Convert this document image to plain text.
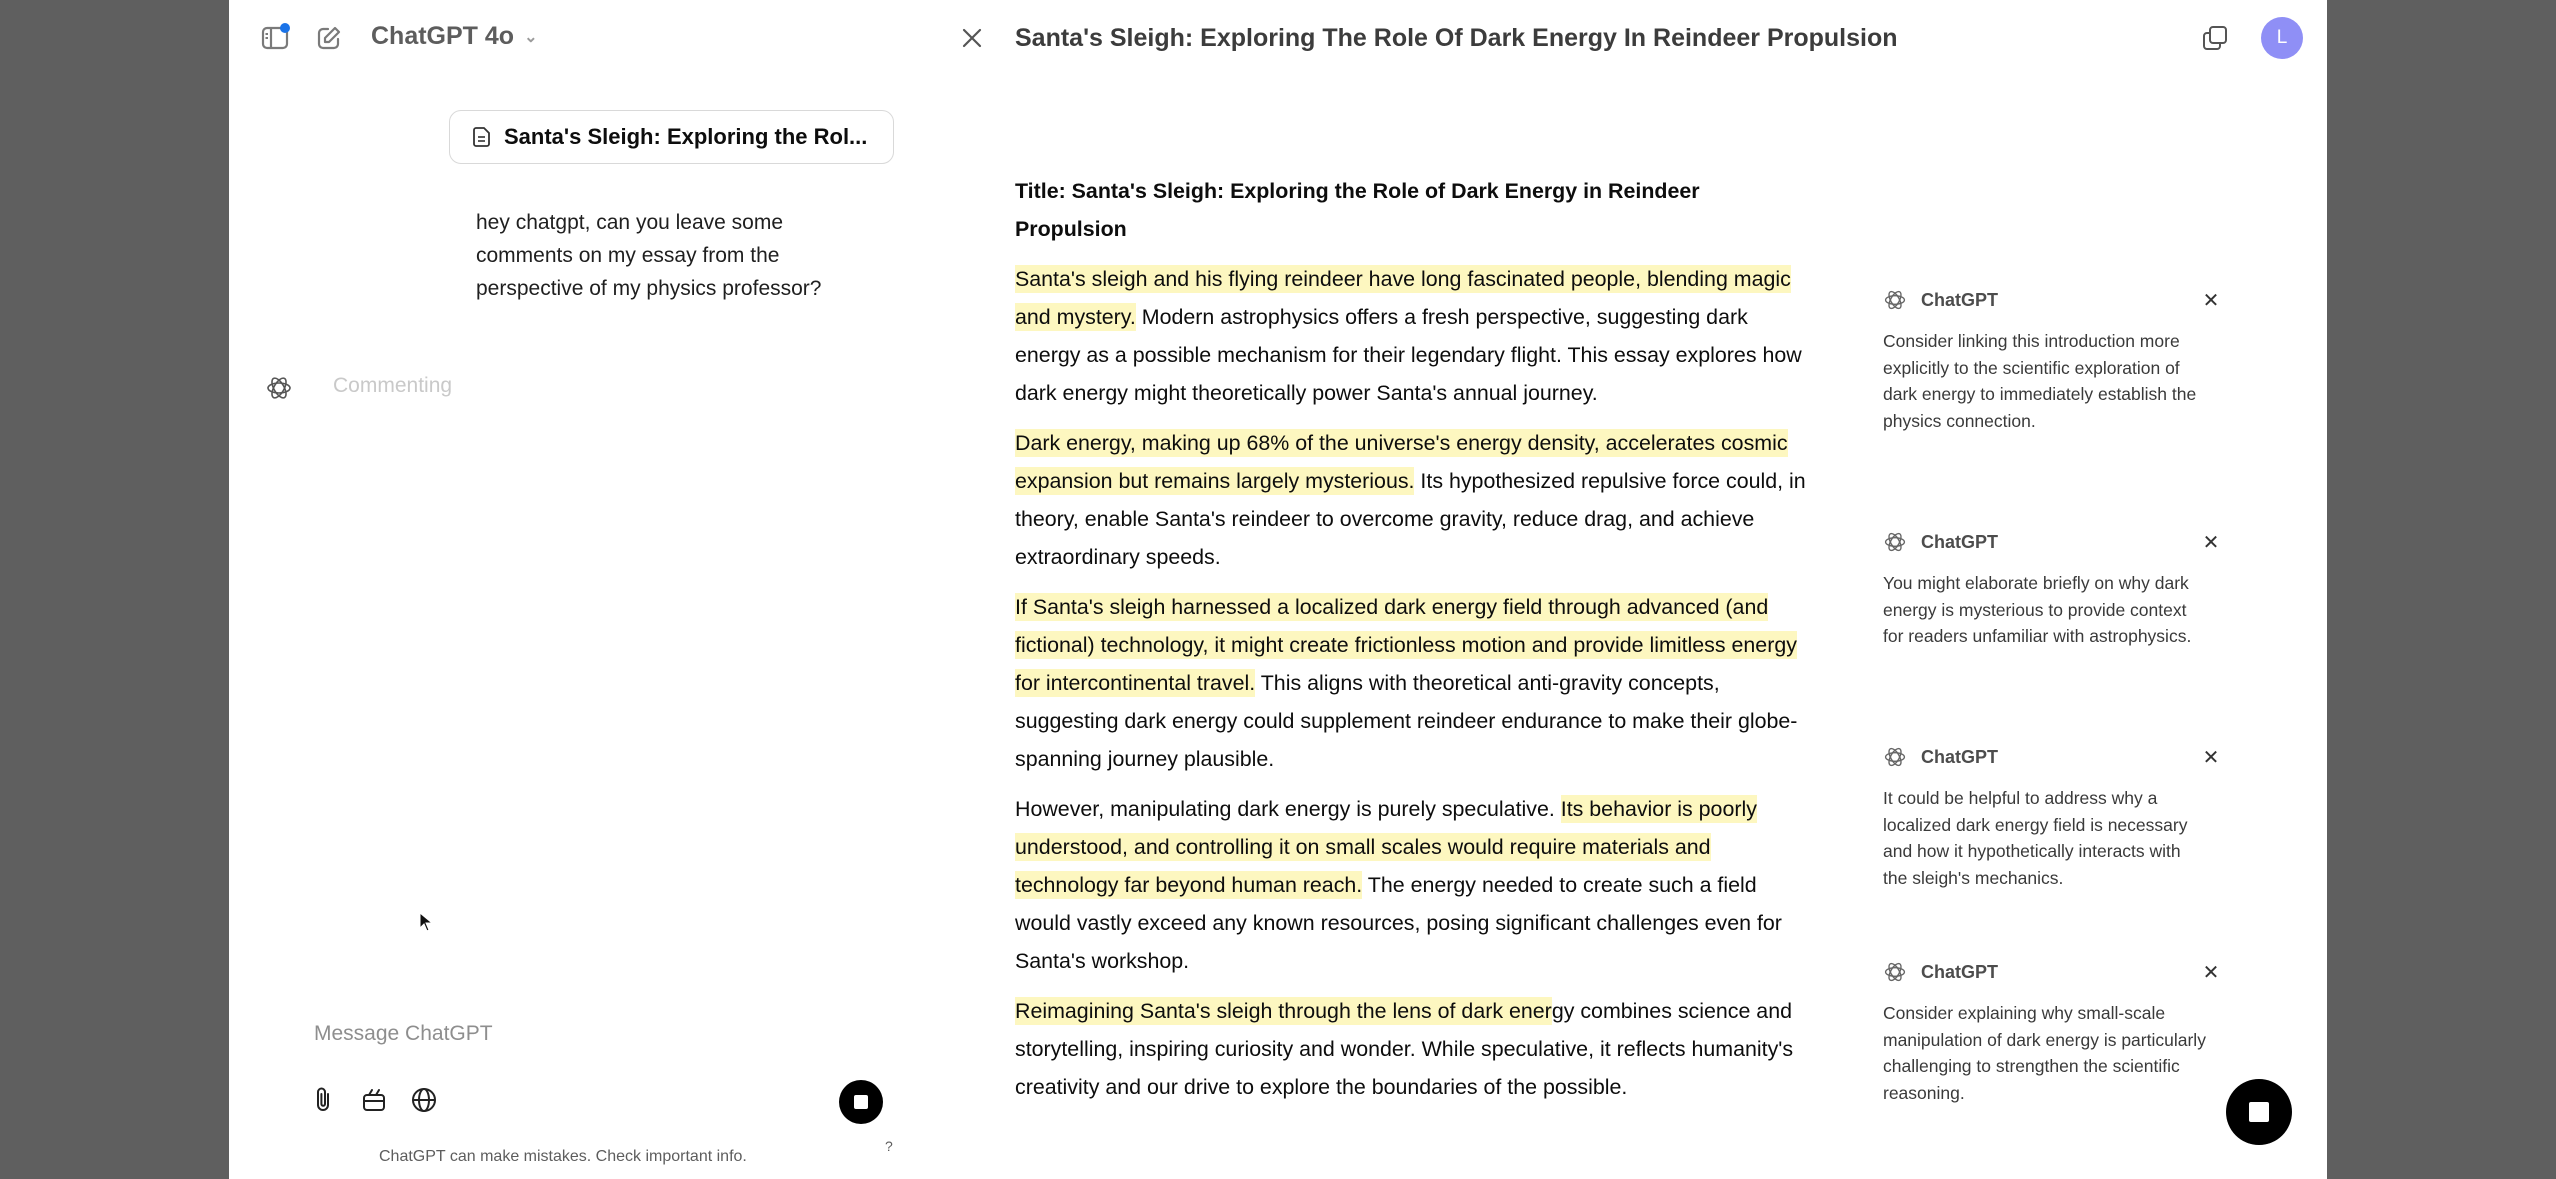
ChatGPT 4o ⌄
Santa's Sleigh: Exploring the Rol...
hey chatgpt, can you leave some comments on my essay from the perspective of my physics professor?
Commenting
Message ChatGPT
ChatGPT can make mistakes. Check important info.
?
Santa's Sleigh: Exploring The Role Of Dark Energy In Reindeer Propulsion	L

Title: Santa's Sleigh: Exploring the Role of Dark Energy in Reindeer Propulsion

Santa's sleigh and his flying reindeer have long fascinated people, blending magic and mystery. Modern astrophysics offers a fresh perspective, suggesting dark energy as a possible mechanism for their legendary flight. This essay explores how dark energy might theoretically power Santa's annual journey.

Dark energy, making up 68% of the universe's energy density, accelerates cosmic expansion but remains largely mysterious. Its hypothesized repulsive force could, in theory, enable Santa's reindeer to overcome gravity, reduce drag, and achieve extraordinary speeds.

If Santa's sleigh harnessed a localized dark energy field through advanced (and fictional) technology, it might create frictionless motion and provide limitless energy for intercontinental travel. This aligns with theoretical anti-gravity concepts, suggesting dark energy could supplement reindeer endurance to make their globe-spanning journey plausible.

However, manipulating dark energy is purely speculative. Its behavior is poorly understood, and controlling it on small scales would require materials and technology far beyond human reach. The energy needed to create such a field would vastly exceed any known resources, posing significant challenges even for Santa's workshop.

Reimagining Santa's sleigh through the lens of dark energy combines science and storytelling, inspiring curiosity and wonder. While speculative, it reflects humanity's creativity and our drive to explore the boundaries of the possible.

ChatGPT	✕
Consider linking this introduction more explicitly to the scientific exploration of dark energy to immediately establish the physics connection.
ChatGPT	✕
You might elaborate briefly on why dark energy is mysterious to provide context for readers unfamiliar with astrophysics.
ChatGPT	✕
It could be helpful to address why a localized dark energy field is necessary and how it hypothetically interacts with the sleigh's mechanics.
ChatGPT	✕
Consider explaining why small-scale manipulation of dark energy is particularly challenging to strengthen the scientific reasoning.
